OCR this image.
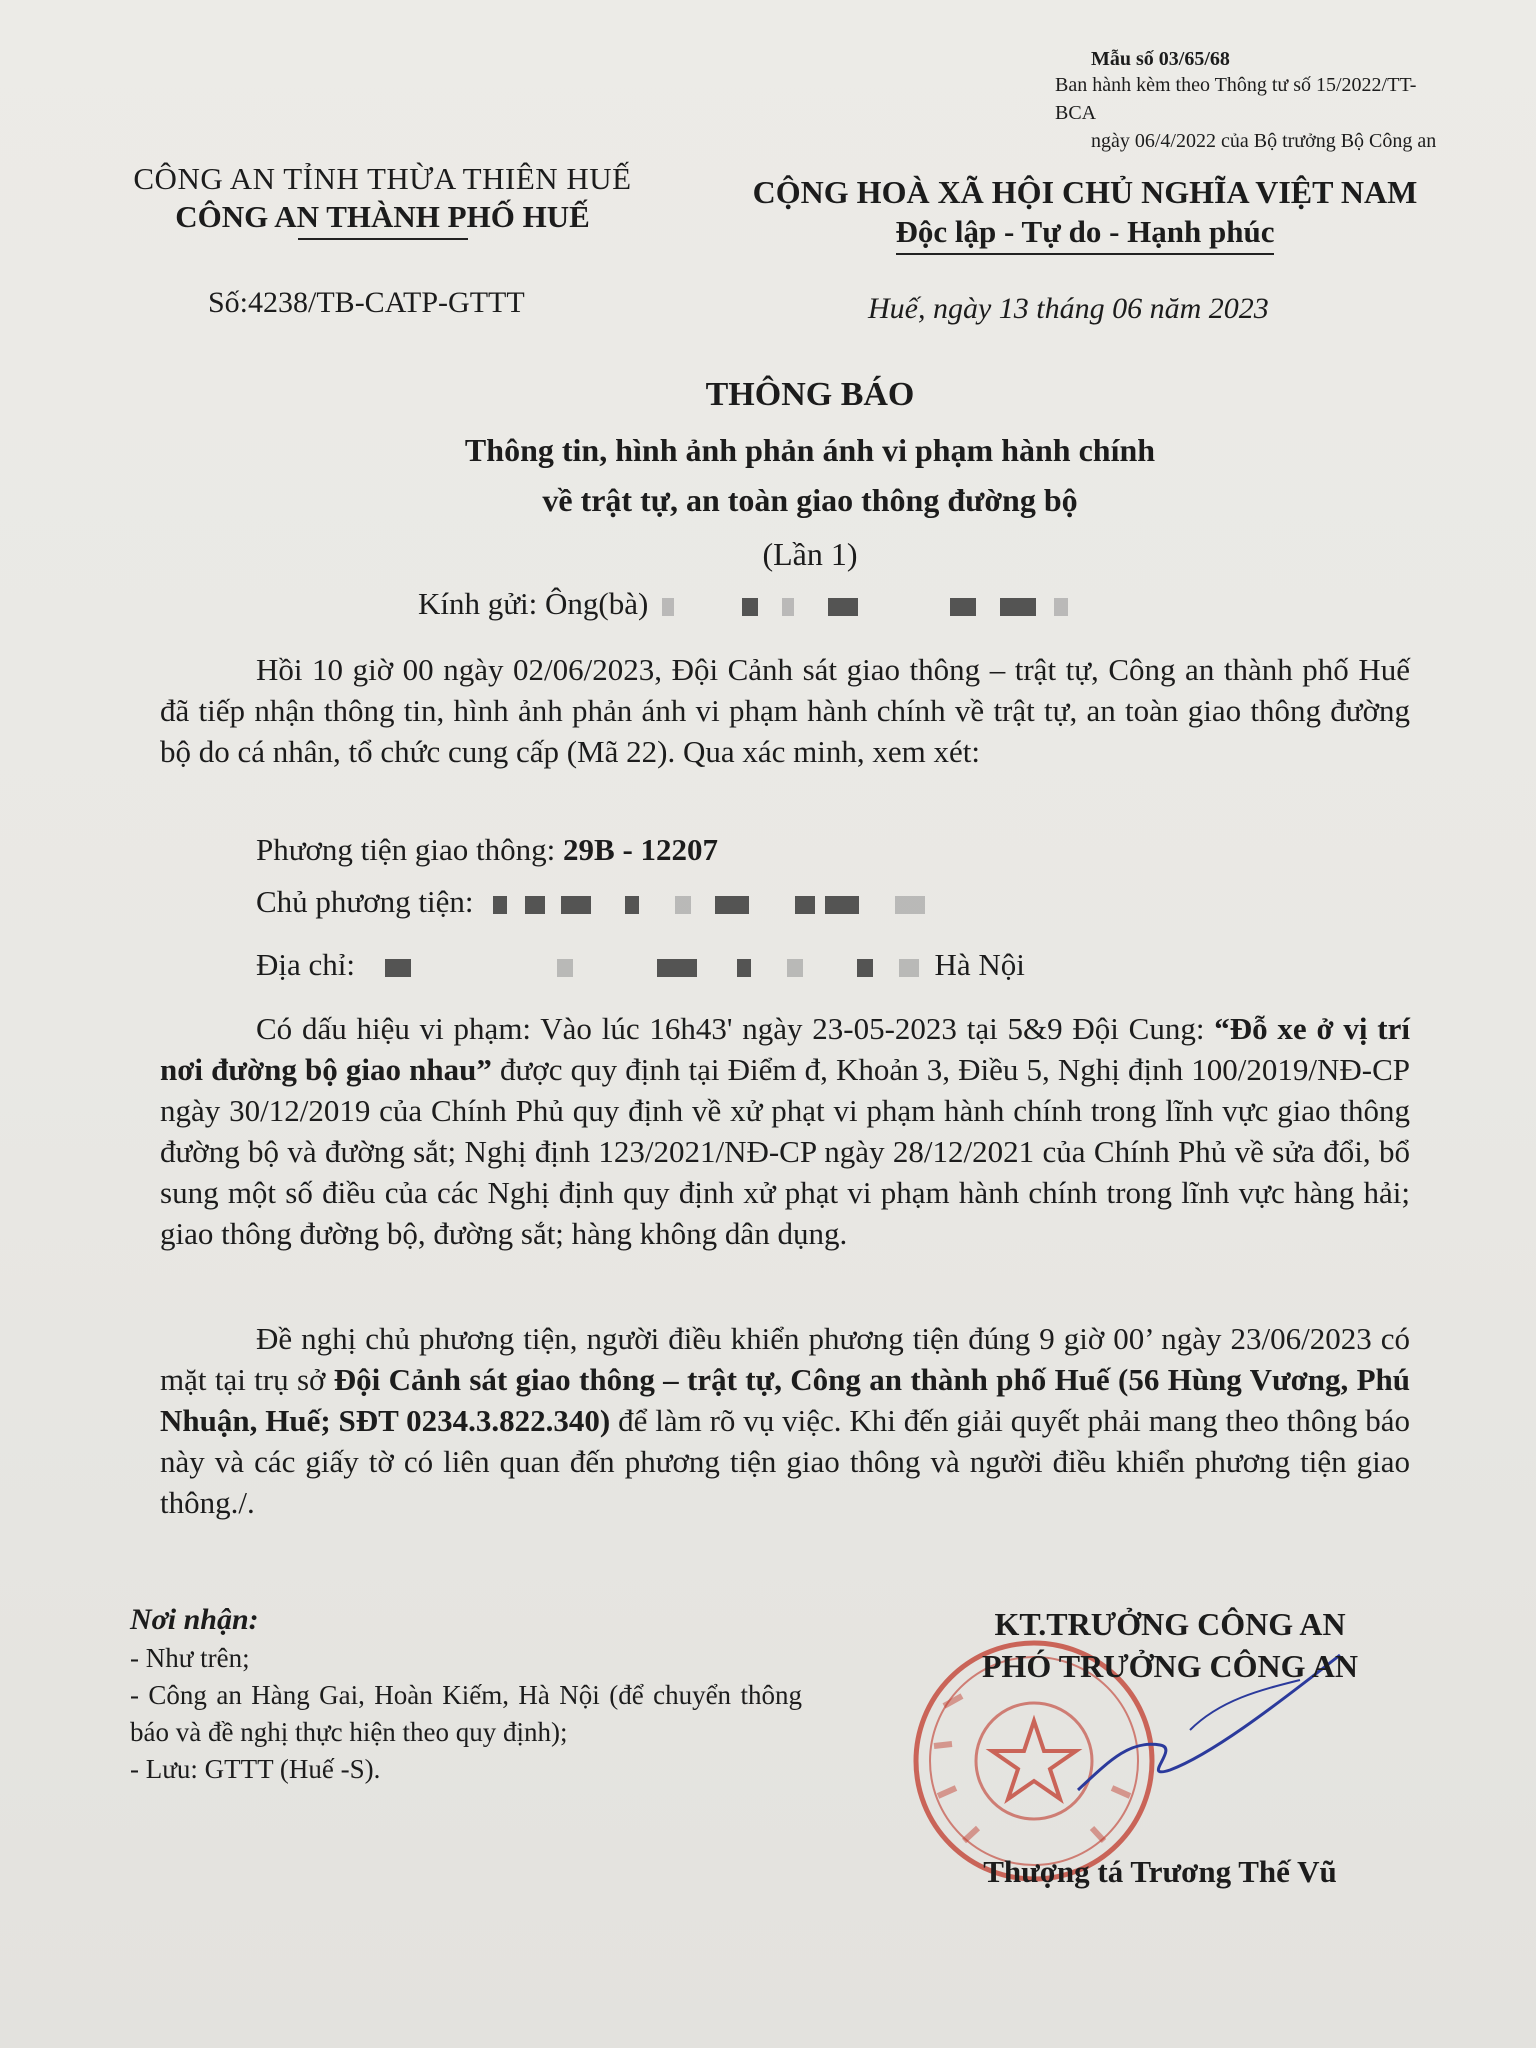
Mẫu số 03/65/68
Ban hành kèm theo Thông tư số 15/2022/TT-BCA
ngày 06/4/2022 của Bộ trưởng Bộ Công an
CÔNG AN TỈNH THỪA THIÊN HUẾ
CÔNG AN THÀNH PHỐ HUẾ
CỘNG HOÀ XÃ HỘI CHỦ NGHĨA VIỆT NAM
Độc lập - Tự do - Hạnh phúc
Số:4238/TB-CATP-GTTT	Huế, ngày 13 tháng 06 năm 2023
THÔNG BÁO
Thông tin, hình ảnh phản ánh vi phạm hành chính
về trật tự, an toàn giao thông đường bộ
(Lần 1)
Kính gửi: Ông(bà)
Hồi 10 giờ 00 ngày 02/06/2023, Đội Cảnh sát giao thông – trật tự, Công an thành phố Huế đã tiếp nhận thông tin, hình ảnh phản ánh vi phạm hành chính về trật tự, an toàn giao thông đường bộ do cá nhân, tổ chức cung cấp (Mã 22). Qua xác minh, xem xét:
Phương tiện giao thông: 29B - 12207
Chủ phương tiện:
Địa chỉ:	Hà Nội
Có dấu hiệu vi phạm: Vào lúc 16h43' ngày 23-05-2023 tại 5&9 Đội Cung: “Đỗ xe ở vị trí nơi đường bộ giao nhau” được quy định tại Điểm đ, Khoản 3, Điều 5, Nghị định 100/2019/NĐ-CP ngày 30/12/2019 của Chính Phủ quy định về xử phạt vi phạm hành chính trong lĩnh vực giao thông đường bộ và đường sắt; Nghị định 123/2021/NĐ-CP ngày 28/12/2021 của Chính Phủ về sửa đổi, bổ sung một số điều của các Nghị định quy định xử phạt vi phạm hành chính trong lĩnh vực hàng hải; giao thông đường bộ, đường sắt; hàng không dân dụng.
Đề nghị chủ phương tiện, người điều khiển phương tiện đúng 9 giờ 00’ ngày 23/06/2023 có mặt tại trụ sở Đội Cảnh sát giao thông – trật tự, Công an thành phố Huế (56 Hùng Vương, Phú Nhuận, Huế; SĐT 0234.3.822.340) để làm rõ vụ việc. Khi đến giải quyết phải mang theo thông báo này và các giấy tờ có liên quan đến phương tiện giao thông và người điều khiển phương tiện giao thông./.
Nơi nhận:
- Như trên;
- Công an Hàng Gai, Hoàn Kiếm, Hà Nội (để chuyển thông báo và đề nghị thực hiện theo quy định);
- Lưu: GTTT (Huế -S).
KT.TRƯỞNG CÔNG AN
PHÓ TRƯỞNG CÔNG AN
Thượng tá Trương Thế Vũ
